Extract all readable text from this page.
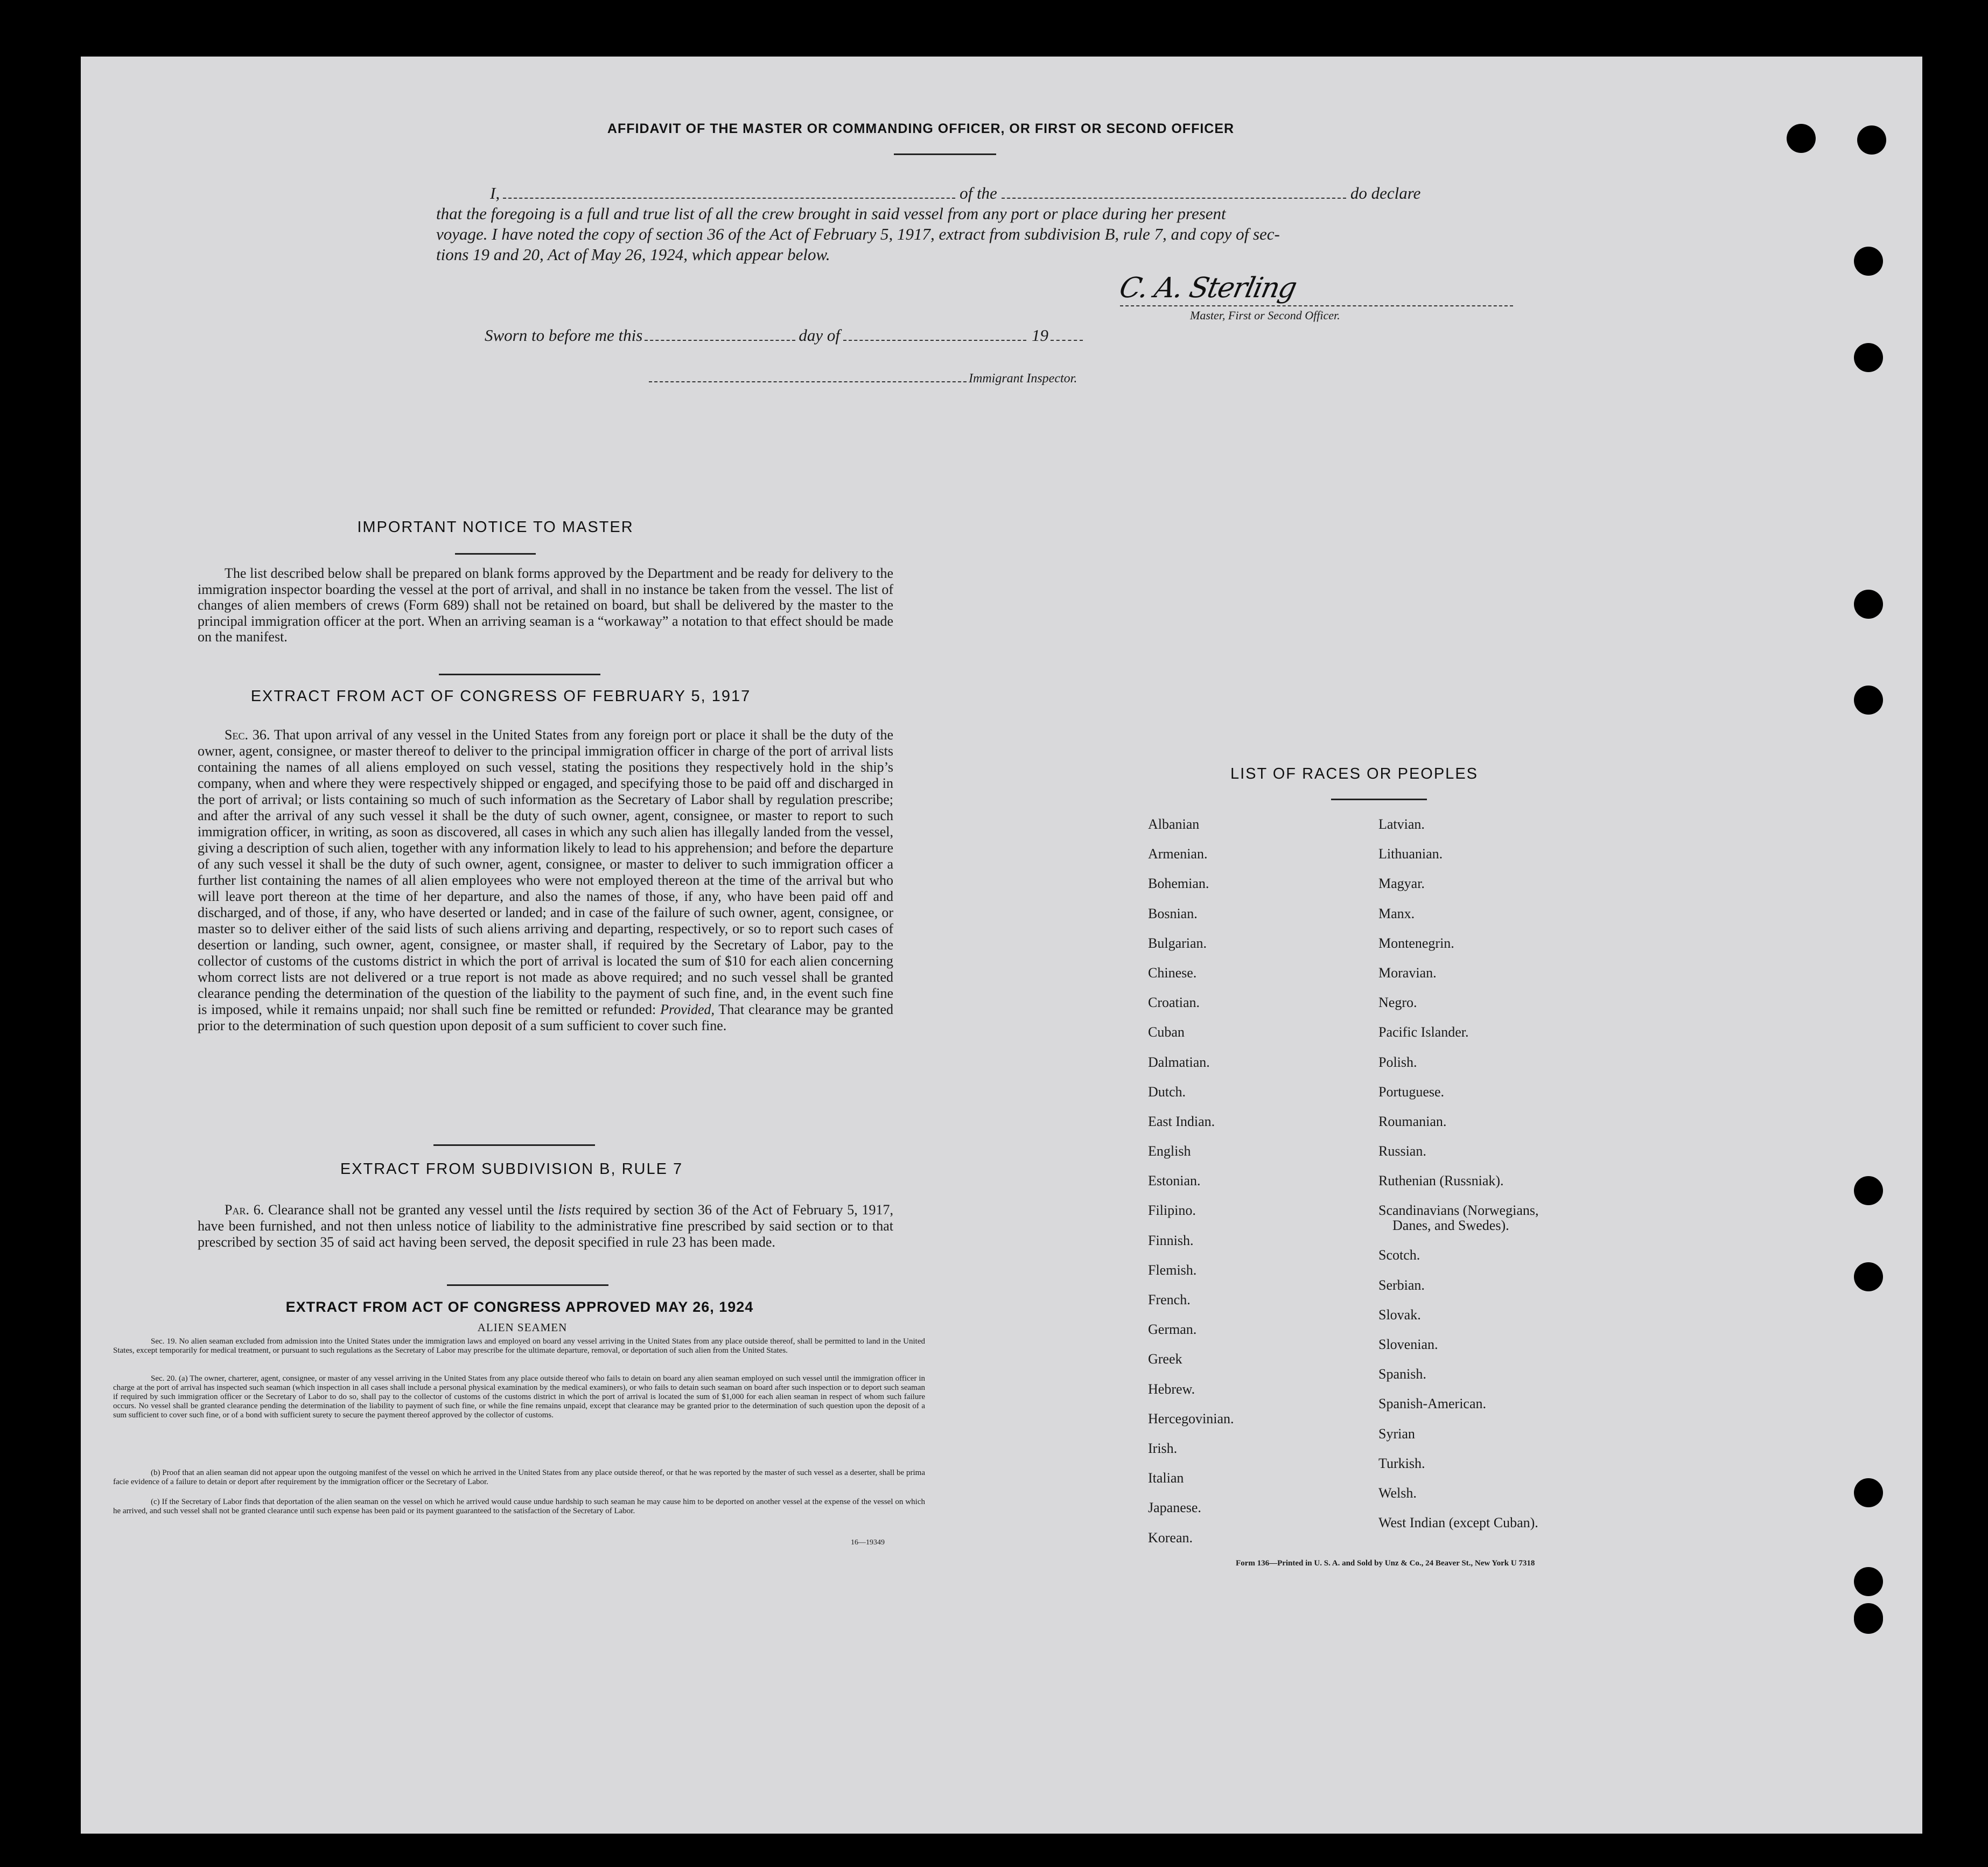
AFFIDAVIT OF THE MASTER OR COMMANDING OFFICER, OR FIRST OR SECOND OFFICER
I,	of the	do declare
that the foregoing is a full and true list of all the crew brought in said vessel from any port or place during her present
voyage. I have noted the copy of section 36 of the Act of February 5, 1917, extract from subdivision B, rule 7, and copy of sec-
tions 19 and 20, Act of May 26, 1924, which appear below.
C. A. Sterling
Master, First or Second Officer.
Sworn to before me this	day of	19
Immigrant Inspector.
IMPORTANT NOTICE TO MASTER
The list described below shall be prepared on blank forms approved by the Department and be ready for delivery to the immigration inspector boarding the vessel at the port of arrival, and shall in no instance be taken from the vessel. The list of changes of alien members of crews (Form 689) shall not be retained on board, but shall be delivered by the master to the principal immigration officer at the port. When an arriving seaman is a “workaway” a notation to that effect should be made on the manifest.
EXTRACT FROM ACT OF CONGRESS OF FEBRUARY 5, 1917
Sec. 36. That upon arrival of any vessel in the United States from any foreign port or place it shall be the duty of the owner, agent, consignee, or master thereof to deliver to the principal immigration officer in charge of the port of arrival lists containing the names of all aliens employed on such vessel, stating the positions they respectively hold in the ship’s company, when and where they were respectively shipped or engaged, and specifying those to be paid off and discharged in the port of arrival; or lists containing so much of such information as the Secretary of Labor shall by regulation prescribe; and after the arrival of any such vessel it shall be the duty of such owner, agent, consignee, or master to report to such immigration officer, in writing, as soon as discovered, all cases in which any such alien has illegally landed from the vessel, giving a description of such alien, together with any information likely to lead to his apprehension; and before the departure of any such vessel it shall be the duty of such owner, agent, consignee, or master to deliver to such immigration officer a further list containing the names of all alien employees who were not employed thereon at the time of the arrival but who will leave port thereon at the time of her departure, and also the names of those, if any, who have been paid off and discharged, and of those, if any, who have deserted or landed; and in case of the failure of such owner, agent, consignee, or master so to deliver either of the said lists of such aliens arriving and departing, respectively, or so to report such cases of desertion or landing, such owner, agent, consignee, or master shall, if required by the Secretary of Labor, pay to the collector of customs of the customs district in which the port of arrival is located the sum of $10 for each alien concerning whom correct lists are not delivered or a true report is not made as above required; and no such vessel shall be granted clearance pending the determination of the question of the liability to the payment of such fine, and, in the event such fine is imposed, while it remains unpaid; nor shall such fine be remitted or refunded: Provided, That clearance may be granted prior to the determination of such question upon deposit of a sum sufficient to cover such fine.
EXTRACT FROM SUBDIVISION B, RULE 7
Par. 6. Clearance shall not be granted any vessel until the lists required by section 36 of the Act of February 5, 1917, have been furnished, and not then unless notice of liability to the administrative fine prescribed by said section or to that prescribed by section 35 of said act having been served, the deposit specified in rule 23 has been made.
EXTRACT FROM ACT OF CONGRESS APPROVED MAY 26, 1924
ALIEN SEAMEN
Sec. 19. No alien seaman excluded from admission into the United States under the immigration laws and employed on board any vessel arriving in the United States from any place outside thereof, shall be permitted to land in the United States, except temporarily for medical treatment, or pursuant to such regulations as the Secretary of Labor may prescribe for the ultimate departure, removal, or deportation of such alien from the United States.
Sec. 20. (a) The owner, charterer, agent, consignee, or master of any vessel arriving in the United States from any place outside thereof who fails to detain on board any alien seaman employed on such vessel until the immigration officer in charge at the port of arrival has inspected such seaman (which inspection in all cases shall include a personal physical examination by the medical examiners), or who fails to detain such seaman on board after such inspection or to deport such seaman if required by such immigration officer or the Secretary of Labor to do so, shall pay to the collector of customs of the customs district in which the port of arrival is located the sum of $1,000 for each alien seaman in respect of whom such failure occurs. No vessel shall be granted clearance pending the determination of the liability to payment of such fine, or while the fine remains unpaid, except that clearance may be granted prior to the determination of such question upon the deposit of a sum sufficient to cover such fine, or of a bond with sufficient surety to secure the payment thereof approved by the collector of customs.
(b) Proof that an alien seaman did not appear upon the outgoing manifest of the vessel on which he arrived in the United States from any place outside thereof, or that he was reported by the master of such vessel as a deserter, shall be prima facie evidence of a failure to detain or deport after requirement by the immigration officer or the Secretary of Labor.
(c) If the Secretary of Labor finds that deportation of the alien seaman on the vessel on which he arrived would cause undue hardship to such seaman he may cause him to be deported on another vessel at the expense of the vessel on which he arrived, and such vessel shall not be granted clearance until such expense has been paid or its payment guaranteed to the satisfaction of the Secretary of Labor.
16—19349
LIST OF RACES OR PEOPLES
Albanian
Armenian.
Bohemian.
Bosnian.
Bulgarian.
Chinese.
Croatian.
Cuban
Dalmatian.
Dutch.
East Indian.
English
Estonian.
Filipino.
Finnish.
Flemish.
French.
German.
Greek
Hebrew.
Hercegovinian.
Irish.
Italian
Japanese.
Korean.
Latvian.
Lithuanian.
Magyar.
Manx.
Montenegrin.
Moravian.
Negro.
Pacific Islander.
Polish.
Portuguese.
Roumanian.
Russian.
Ruthenian (Russniak).
Scandinavians (Norwegians,
Danes, and Swedes).
Scotch.
Serbian.
Slovak.
Slovenian.
Spanish.
Spanish-American.
Syrian
Turkish.
Welsh.
West Indian (except Cuban).
Form 136—Printed in U. S. A. and Sold by Unz & Co., 24 Beaver St., New York U 7318
